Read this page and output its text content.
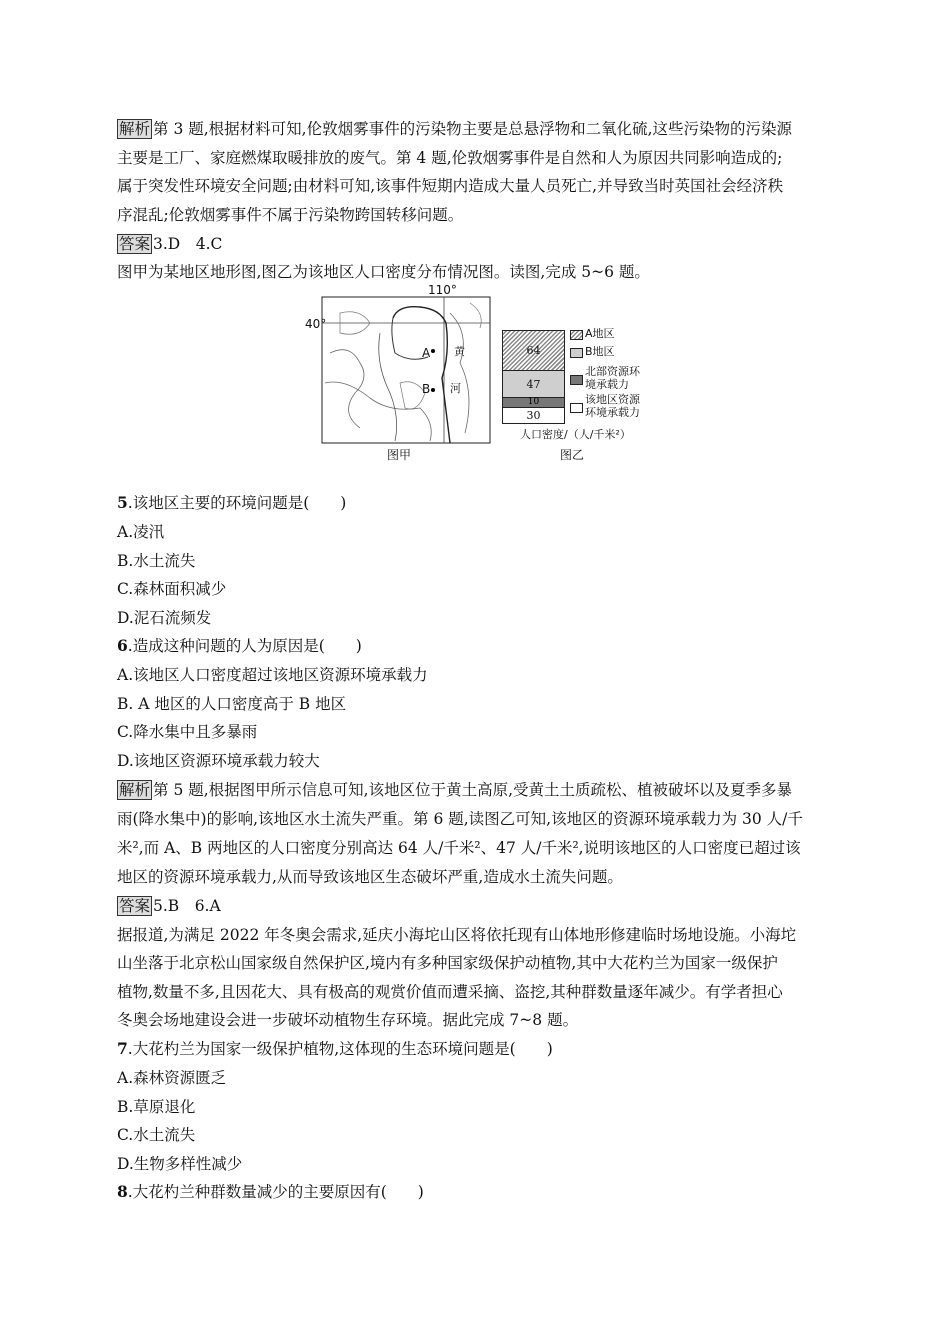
解析 第 3 题,根据材料可知,伦敦烟雾事件的污染物主要是总悬浮物和二氧化硫,这些污染物的污染源
主要是工厂、家庭燃煤取暖排放的废气。第 4 题,伦敦烟雾事件是自然和人为原因共同影响造成的;
属于突发性环境安全问题;由材料可知,该事件短期内造成大量人员死亡,并导致当时英国社会经济秩
序混乱;伦敦烟雾事件不属于污染物跨国转移问题。
答案 3.D　4.C
图甲为某地区地形图,图乙为该地区人口密度分布情况图。读图,完成 5~6 题。
110°
40°
A
B
黄
河
图甲
64
47
10
30
A地区
B地区
北部资源环
境承载力
该地区资源
环境承载力
人口密度/（人/千米²）
图乙
5.该地区主要的环境问题是(　　)
A.凌汛
B.水土流失
C.森林面积减少
D.泥石流频发
6.造成这种问题的人为原因是(　　)
A.该地区人口密度超过该地区资源环境承载力
B. A 地区的人口密度高于 B 地区
C.降水集中且多暴雨
D.该地区资源环境承载力较大
解析 第 5 题,根据图甲所示信息可知,该地区位于黄土高原,受黄土土质疏松、植被破坏以及夏季多暴
雨(降水集中)的影响,该地区水土流失严重。第 6 题,读图乙可知,该地区的资源环境承载力为 30 人/千
米²,而 A、B 两地区的人口密度分别高达 64 人/千米²、47 人/千米²,说明该地区的人口密度已超过该
地区的资源环境承载力,从而导致该地区生态破坏严重,造成水土流失问题。
答案 5.B　6.A
据报道,为满足 2022 年冬奥会需求,延庆小海坨山区将依托现有山体地形修建临时场地设施。小海坨
山坐落于北京松山国家级自然保护区,境内有多种国家级保护动植物,其中大花杓兰为国家一级保护
植物,数量不多,且因花大、具有极高的观赏价值而遭采摘、盗挖,其种群数量逐年减少。有学者担心
冬奥会场地建设会进一步破坏动植物生存环境。据此完成 7~8 题。
7.大花杓兰为国家一级保护植物,这体现的生态环境问题是(　　)
A.森林资源匮乏
B.草原退化
C.水土流失
D.生物多样性减少
8.大花杓兰种群数量减少的主要原因有(　　)
